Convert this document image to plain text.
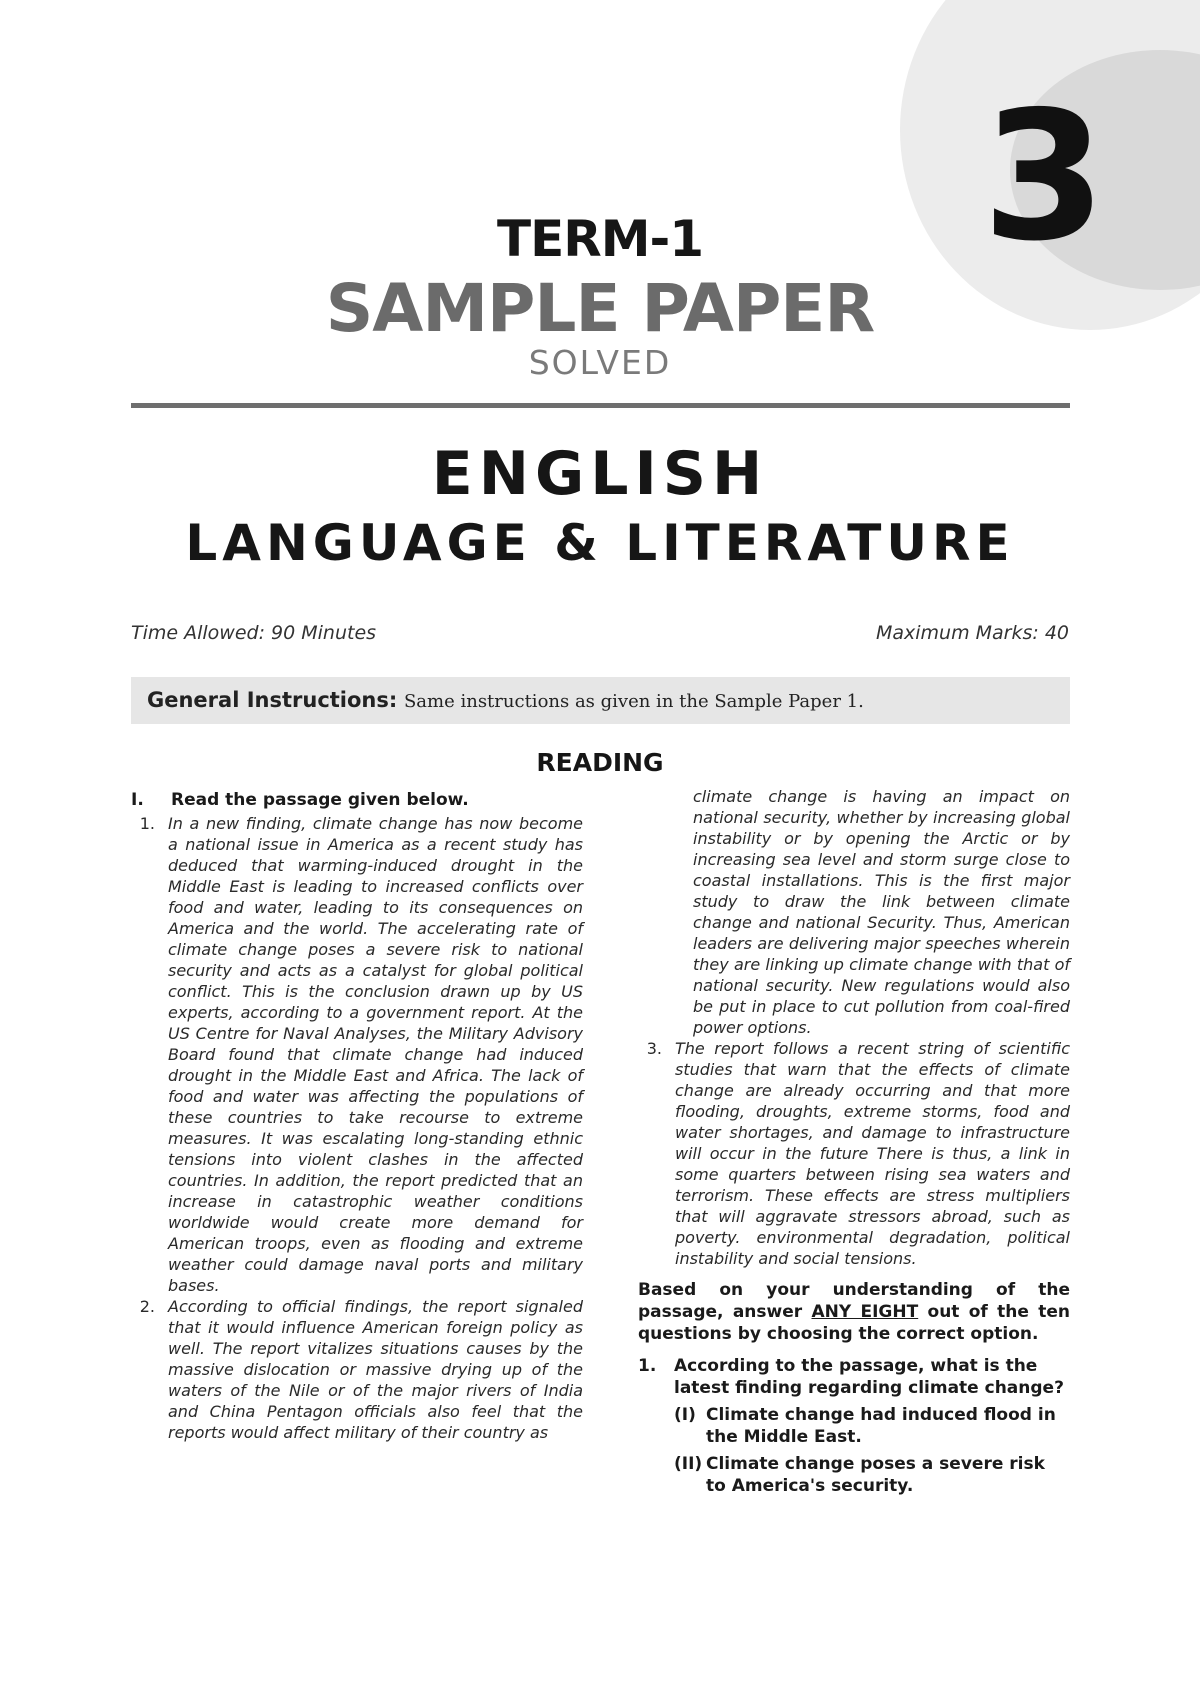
3
TERM-1
SAMPLE PAPER
SOLVED
ENGLISH
LANGUAGE & LITERATURE
Time Allowed: 90 Minutes	Maximum Marks: 40
General Instructions: Same instructions as given in the Sample Paper 1.
READING
I.	Read the passage given below.
1. In a new finding, climate change has now become a national issue in America as a recent study has deduced that warming-induced drought in the Middle East is leading to increased conflicts over food and water, leading to its consequences on America and the world. The accelerating rate of climate change poses a severe risk to national security and acts as a catalyst for global political conflict. This is the conclusion drawn up by US experts, according to a government report. At the US Centre for Naval Analyses, the Military Advisory Board found that climate change had induced drought in the Middle East and Africa. The lack of food and water was affecting the populations of these countries to take recourse to extreme measures. It was escalating long-standing ethnic tensions into violent clashes in the affected countries. In addition, the report predicted that an increase in catastrophic weather conditions worldwide would create more demand for American troops, even as flooding and extreme weather could damage naval ports and military bases.
2. According to official findings, the report signaled that it would influence American foreign policy as well. The report vitalizes situations causes by the massive dislocation or massive drying up of the waters of the Nile or of the major rivers of India and China Pentagon officials also feel that the reports would affect military of their country as
climate change is having an impact on national security, whether by increasing global instability or by opening the Arctic or by increasing sea level and storm surge close to coastal installations. This is the first major study to draw the link between climate change and national Security. Thus, American leaders are delivering major speeches wherein they are linking up climate change with that of national security. New regulations would also be put in place to cut pollution from coal-fired power options.
3. The report follows a recent string of scientific studies that warn that the effects of climate change are already occurring and that more flooding, droughts, extreme storms, food and water shortages, and damage to infrastructure will occur in the future There is thus, a link in some quarters between rising sea waters and terrorism. These effects are stress multipliers that will aggravate stressors abroad, such as poverty. environmental degradation, political instability and social tensions.
Based on your understanding of the passage, answer ANY EIGHT out of the ten questions by choosing the correct option.
1.	According to the passage, what is the latest finding regarding climate change?
(I) Climate change had induced flood in the Middle East.
(II) Climate change poses a severe risk to America's security.
